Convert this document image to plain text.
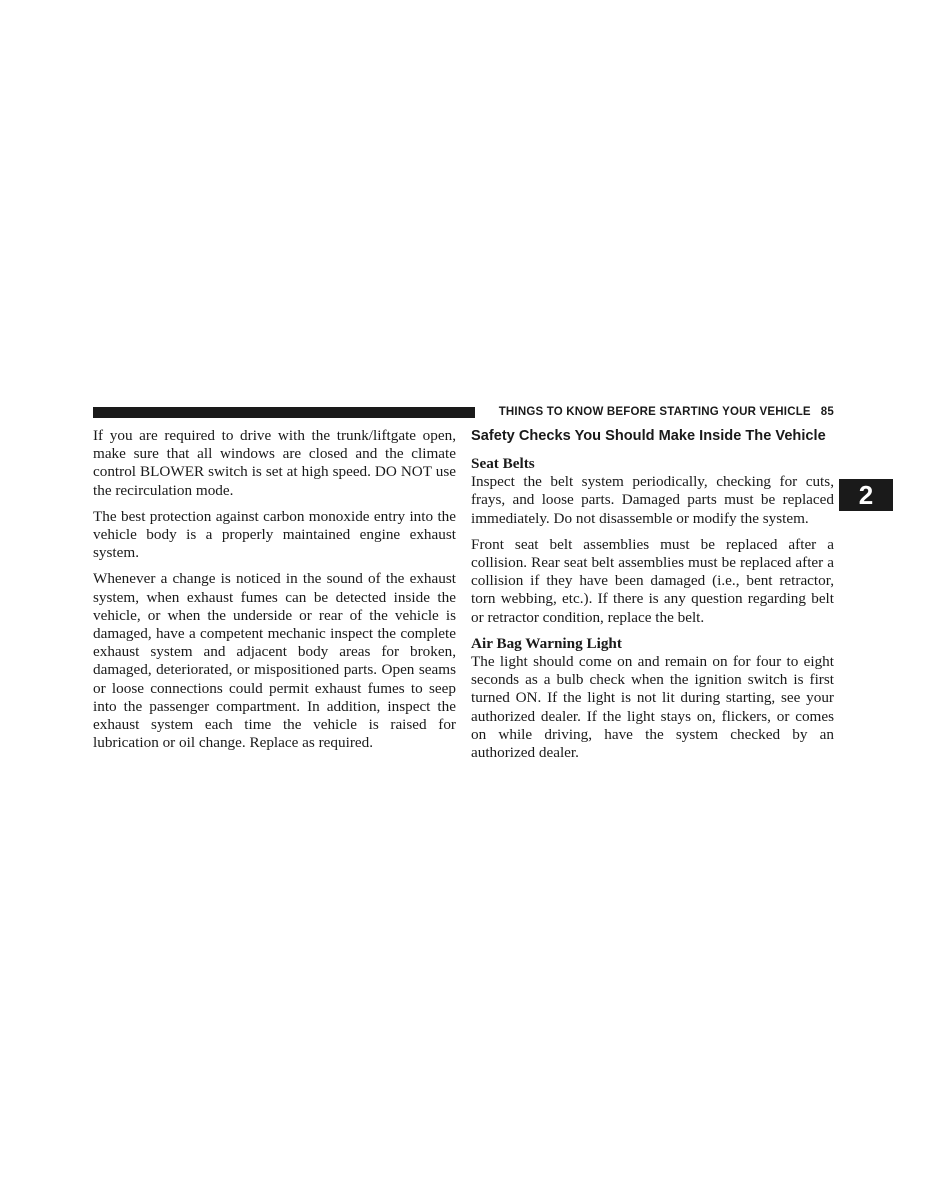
THINGS TO KNOW BEFORE STARTING YOUR VEHICLE 85
2

If you are required to drive with the trunk/liftgate open, make sure that all windows are closed and the climate control BLOWER switch is set at high speed. DO NOT use the recirculation mode.

The best protection against carbon monoxide entry into the vehicle body is a properly maintained engine exhaust system.

Whenever a change is noticed in the sound of the exhaust system, when exhaust fumes can be detected inside the vehicle, or when the underside or rear of the vehicle is damaged, have a competent mechanic inspect the complete exhaust system and adjacent body areas for broken, damaged, deteriorated, or mispositioned parts. Open seams or loose connections could permit exhaust fumes to seep into the passenger compartment. In addition, inspect the exhaust system each time the vehicle is raised for lubrication or oil change. Replace as required.

Safety Checks You Should Make Inside The Vehicle
Seat Belts

Inspect the belt system periodically, checking for cuts, frays, and loose parts. Damaged parts must be replaced immediately. Do not disassemble or modify the system.

Front seat belt assemblies must be replaced after a collision. Rear seat belt assemblies must be replaced after a collision if they have been damaged (i.e., bent retractor, torn webbing, etc.). If there is any question regarding belt or retractor condition, replace the belt.

Air Bag Warning Light

The light should come on and remain on for four to eight seconds as a bulb check when the ignition switch is first turned ON. If the light is not lit during starting, see your authorized dealer. If the light stays on, flickers, or comes on while driving, have the system checked by an authorized dealer.
